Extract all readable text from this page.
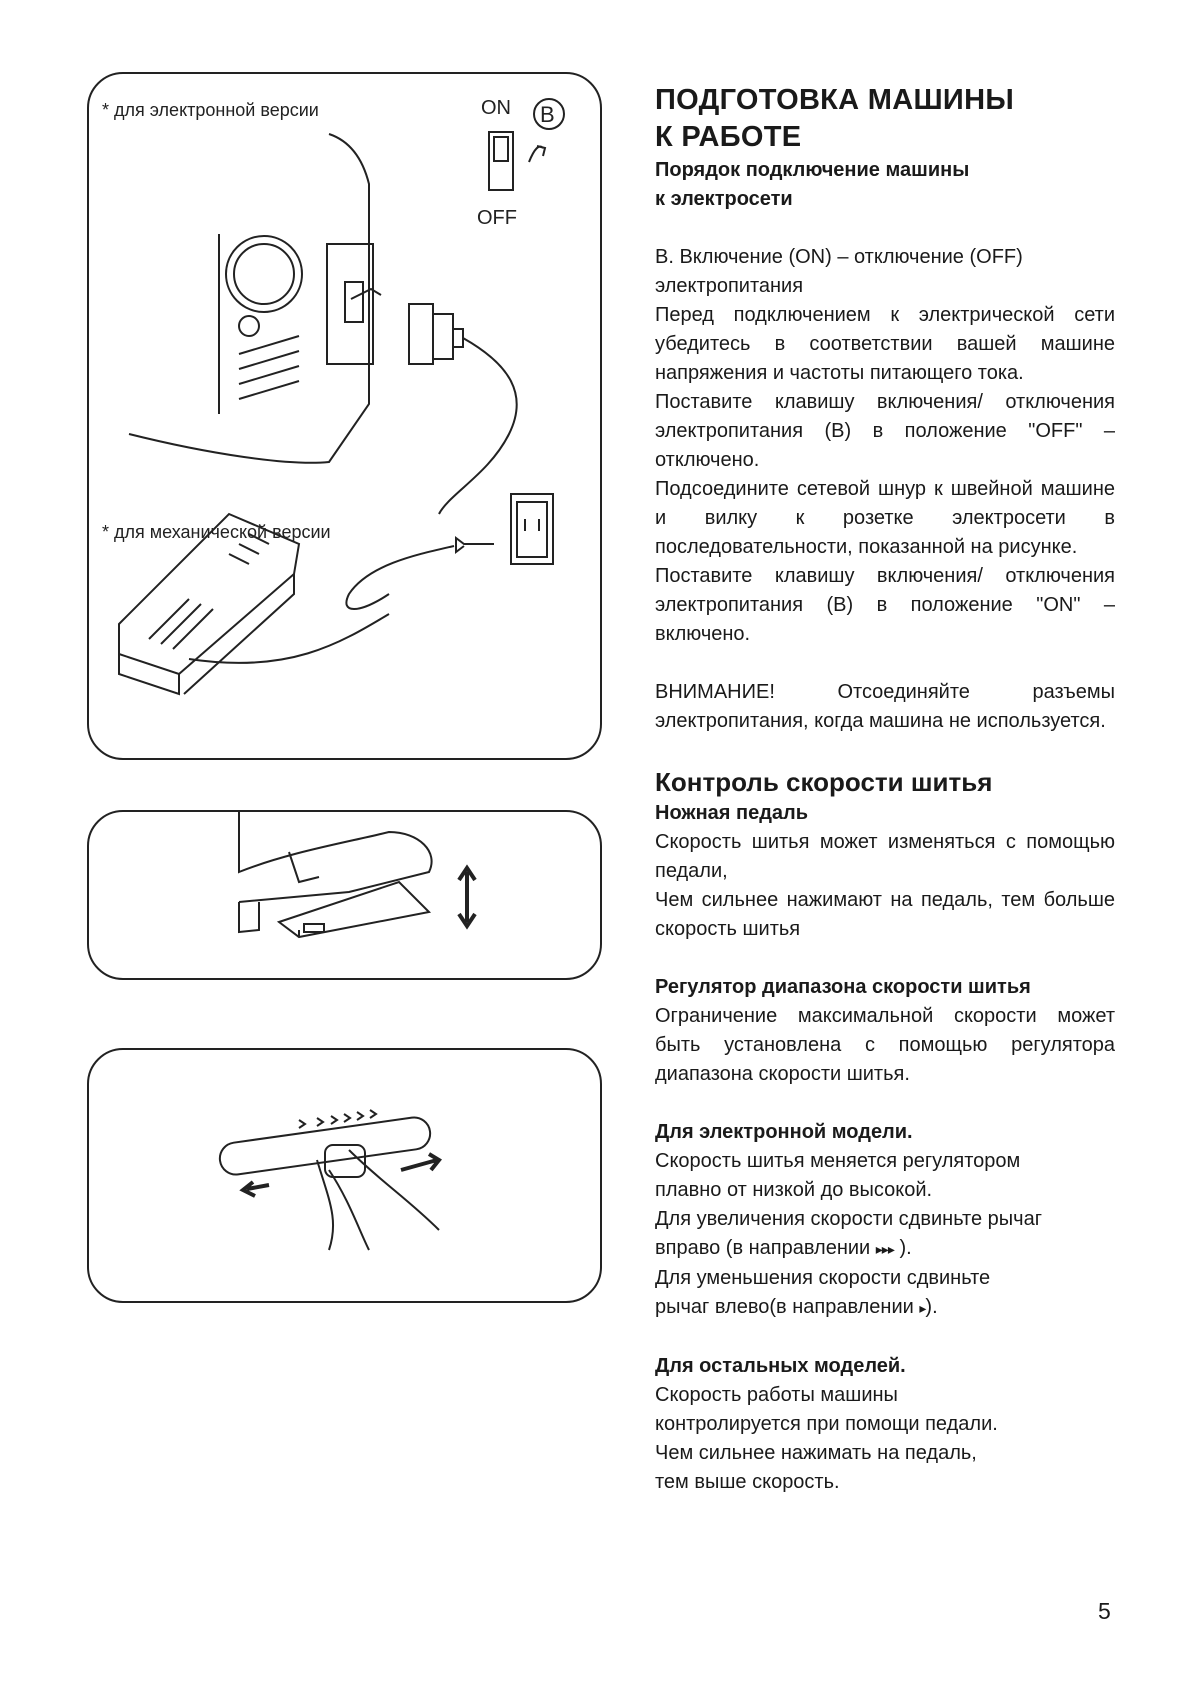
* для электронной версии
* для механической версии
ON B
OFF
ПОДГОТОВКА МАШИНЫ
К РАБОТЕ
Порядок подключение машины
к электросети

В. Включение (ON) – отключение (OFF)

электропитания

Перед подключением к электрической сети убедитесь в соответствии вашей машине напряжения и частоты питающего тока.

Поставите клавишу включения/ отключения электропитания (В) в положение "OFF" – отключено.

Подсоедините сетевой шнур к швейной машине и вилку к розетке электросети в последовательности, показанной на рисунке.

Поставите клавишу включения/ отключения электропитания (В) в положение "ON" – включено.

ВНИМАНИЕ! Отсоединяйте разъемы электропитания, когда машина не используется.

Контроль скорости шитья
Ножная педаль

Скорость шитья может изменяться с помощью педали,

Чем сильнее нажимают на педаль, тем больше скорость шитья

Регулятор диапазона скорости шитья

Ограничение максимальной скорости может быть установлена с помощью регулятора диапазона скорости шитья.

Для электронной модели.

Скорость шитья меняется регулятором

плавно от низкой до высокой.

Для увеличения скорости сдвиньте рычаг

вправо (в направлении ▸▸▸ ).

Для уменьшения скорости сдвиньте

рычаг влево(в направлении ▸).

Для остальных моделей.

Скорость работы машины

контролируется при помощи педали.

Чем сильнее нажимать на педаль,

тем выше скорость.

5
